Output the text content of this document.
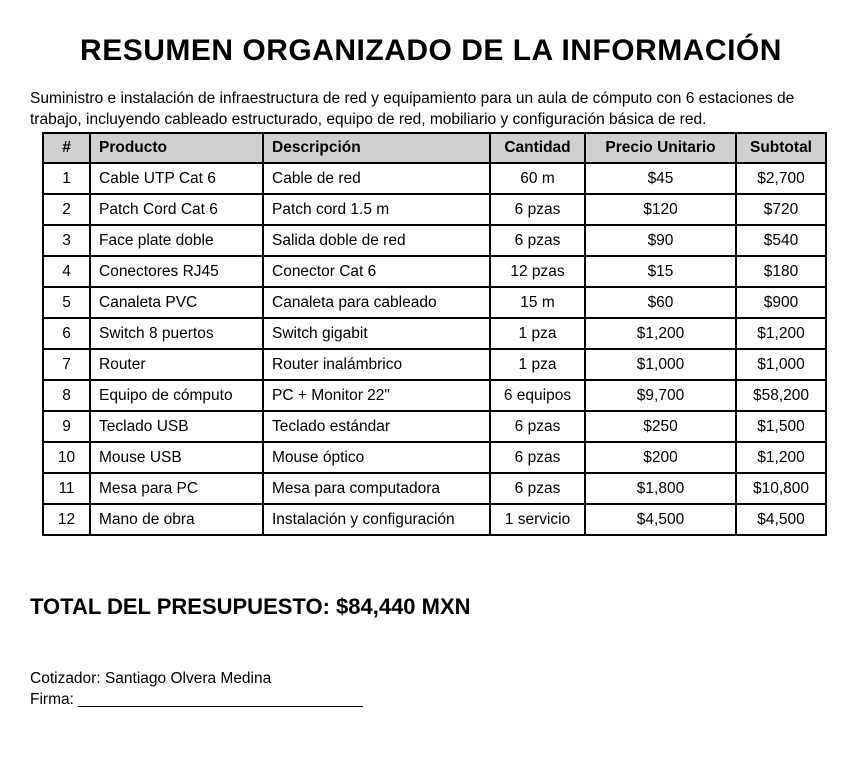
RESUMEN ORGANIZADO DE LA INFORMACIÓN

Suministro e instalación de infraestructura de red y equipamiento para un aula de cómputo con 6 estaciones de trabajo, incluyendo cableado estructurado, equipo de red, mobiliario y configuración básica de red.

#	Producto	Descripción	Cantidad	Precio Unitario	Subtotal
1	Cable UTP Cat 6	Cable de red	60 m	$45	$2,700
2	Patch Cord Cat 6	Patch cord 1.5 m	6 pzas	$120	$720
3	Face plate doble	Salida doble de red	6 pzas	$90	$540
4	Conectores RJ45	Conector Cat 6	12 pzas	$15	$180
5	Canaleta PVC	Canaleta para cableado	15 m	$60	$900
6	Switch 8 puertos	Switch gigabit	1 pza	$1,200	$1,200
7	Router	Router inalámbrico	1 pza	$1,000	$1,000
8	Equipo de cómputo	PC + Monitor 22"	6 equipos	$9,700	$58,200
9	Teclado USB	Teclado estándar	6 pzas	$250	$1,500
10	Mouse USB	Mouse óptico	6 pzas	$200	$1,200
11	Mesa para PC	Mesa para computadora	6 pzas	$1,800	$10,800
12	Mano de obra	Instalación y configuración	1 servicio	$4,500	$4,500
TOTAL DEL PRESUPUESTO: $84,440 MXN
Cotizador: Santiago Olvera Medina
Firma: _________________________________
